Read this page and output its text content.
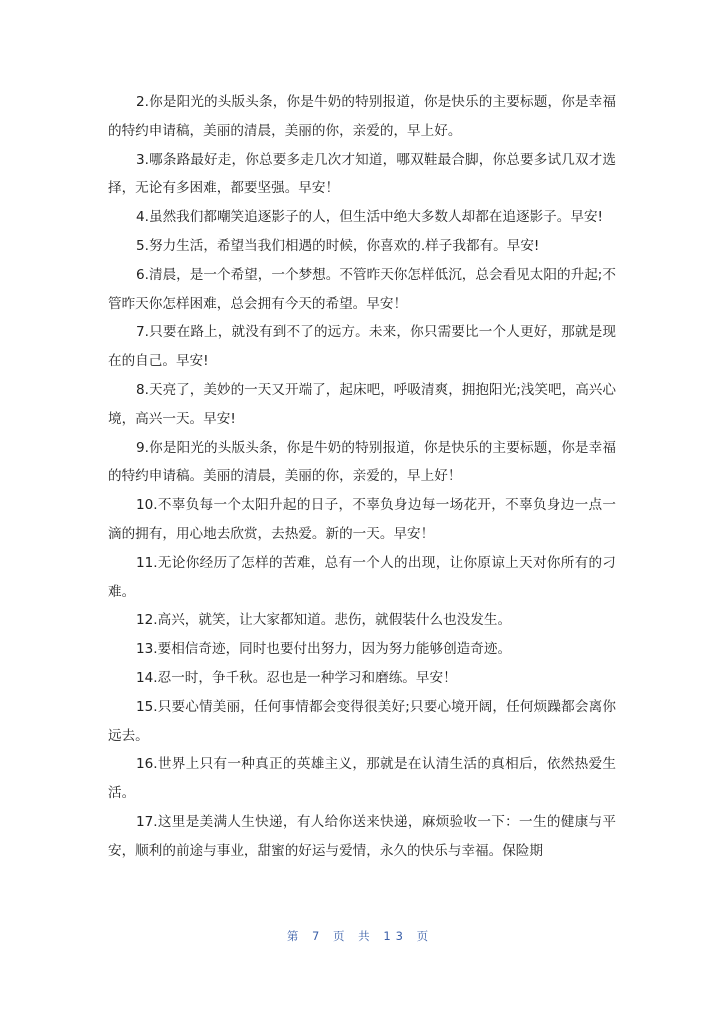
2.你是阳光的头版头条，你是牛奶的特别报道，你是快乐的主要标题，你是幸福的特约申请稿，美丽的清晨，美丽的你，亲爱的，早上好。

3.哪条路最好走，你总要多走几次才知道，哪双鞋最合脚，你总要多试几双才选择，无论有多困难，都要坚强。早安！

4.虽然我们都嘲笑追逐影子的人，但生活中绝大多数人却都在追逐影子。早安!

5.努力生活，希望当我们相遇的时候，你喜欢的.样子我都有。早安!

6.清晨，是一个希望，一个梦想。不管昨天你怎样低沉，总会看见太阳的升起;不管昨天你怎样困难，总会拥有今天的希望。早安！

7.只要在路上，就没有到不了的远方。未来，你只需要比一个人更好，那就是现在的自己。早安!

8.天亮了，美妙的一天又开端了，起床吧，呼吸清爽，拥抱阳光;浅笑吧，高兴心境，高兴一天。早安!

9.你是阳光的头版头条，你是牛奶的特别报道，你是快乐的主要标题，你是幸福的特约申请稿。美丽的清晨，美丽的你，亲爱的，早上好！

10.不辜负每一个太阳升起的日子，不辜负身边每一场花开，不辜负身边一点一滴的拥有，用心地去欣赏，去热爱。新的一天。早安！

11.无论你经历了怎样的苦难，总有一个人的出现，让你原谅上天对你所有的刁难。

12.高兴，就笑，让大家都知道。悲伤，就假装什么也没发生。

13.要相信奇迹，同时也要付出努力，因为努力能够创造奇迹。

14.忍一时，争千秋。忍也是一种学习和磨练。早安！

15.只要心情美丽，任何事情都会变得很美好;只要心境开阔，任何烦躁都会离你远去。

16.世界上只有一种真正的英雄主义，那就是在认清生活的真相后，依然热爱生活。

17.这里是美满人生快递，有人给你送来快递，麻烦验收一下：一生的健康与平安，顺利的前途与事业，甜蜜的好运与爱情，永久的快乐与幸福。保险期

第 7 页 共 13 页
